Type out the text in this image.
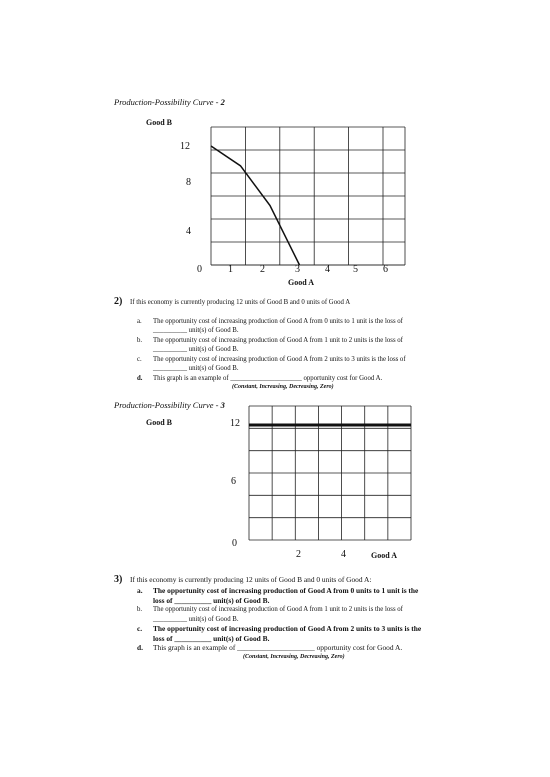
Production-Possibility Curve - 2
Good B
12
8
4
0	1	2	3	4 5	6
Good A
2) If this economy is currently producing 12 units of Good B and 0 units of Good A
a.	The opportunity cost of increasing production of Good A from 0 units to 1 unit is the loss of
__________ unit(s) of Good B.
b.	The opportunity cost of increasing production of Good A from 1 unit to 2 units is the loss of
__________ unit(s) of Good B.
c.	The opportunity cost of increasing production of Good A from 2 units to 3 units is the loss of
__________ unit(s) of Good B.
d.	This graph is an example of _____________________ opportunity cost for Good A.
(Constant, Increasing, Decreasing, Zero)
Production-Possibility Curve - 3
Good B	12
6
0
2	4	Good A
3) If this economy is currently producing 12 units of Good B and 0 units of Good A:
a.	The opportunity cost of increasing production of Good A from 0 units to 1 unit is the
loss of __________ unit(s) of Good B.
b.	The opportunity cost of increasing production of Good A from 1 unit to 2 units is the loss of
__________ unit(s) of Good B.
c.	The opportunity cost of increasing production of Good A from 2 units to 3 units is the
loss of __________ unit(s) of Good B.
d.	This graph is an example of _____________________ opportunity cost for Good A.
(Constant, Increasing, Decreasing, Zero)
